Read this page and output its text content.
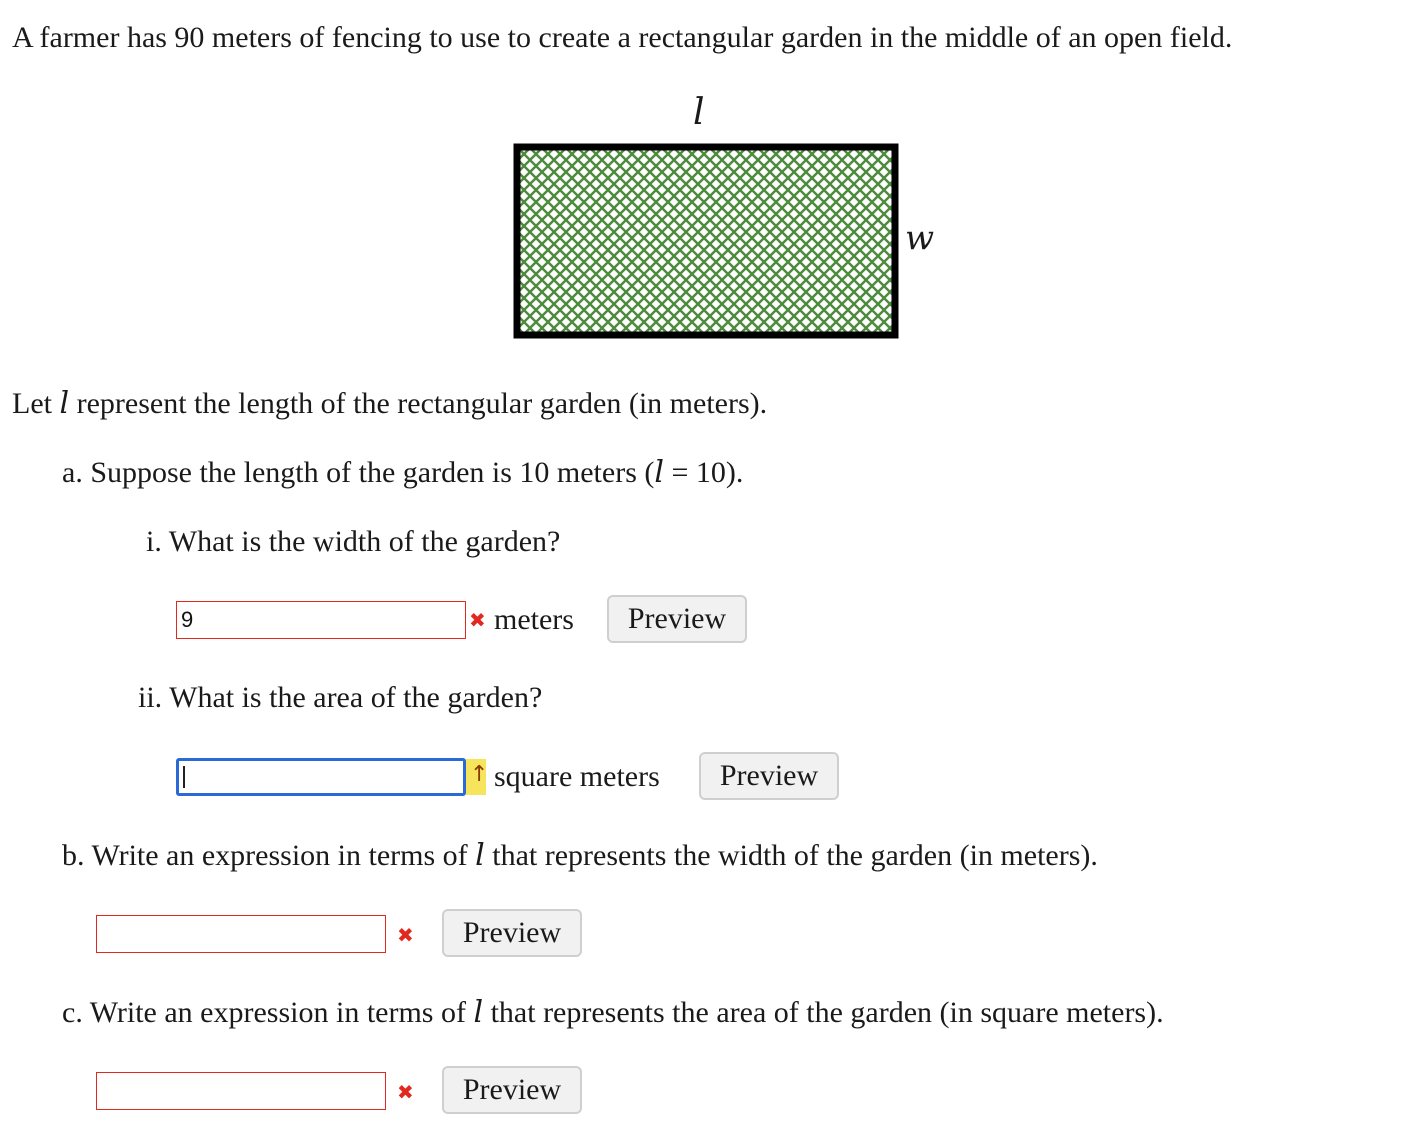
A farmer has 90 meters of fencing to use to create a rectangular garden in the middle of an open field.
l
w
Let l represent the length of the rectangular garden (in meters).
a. Suppose the length of the garden is 10 meters (l = 10).
i. What is the width of the garden?
9
✖ meters	Preview
ii. What is the area of the garden?
↑ square meters	Preview
b. Write an expression in terms of l that represents the width of the garden (in meters).
✖	Preview
c. Write an expression in terms of l that represents the area of the garden (in square meters).
✖	Preview
